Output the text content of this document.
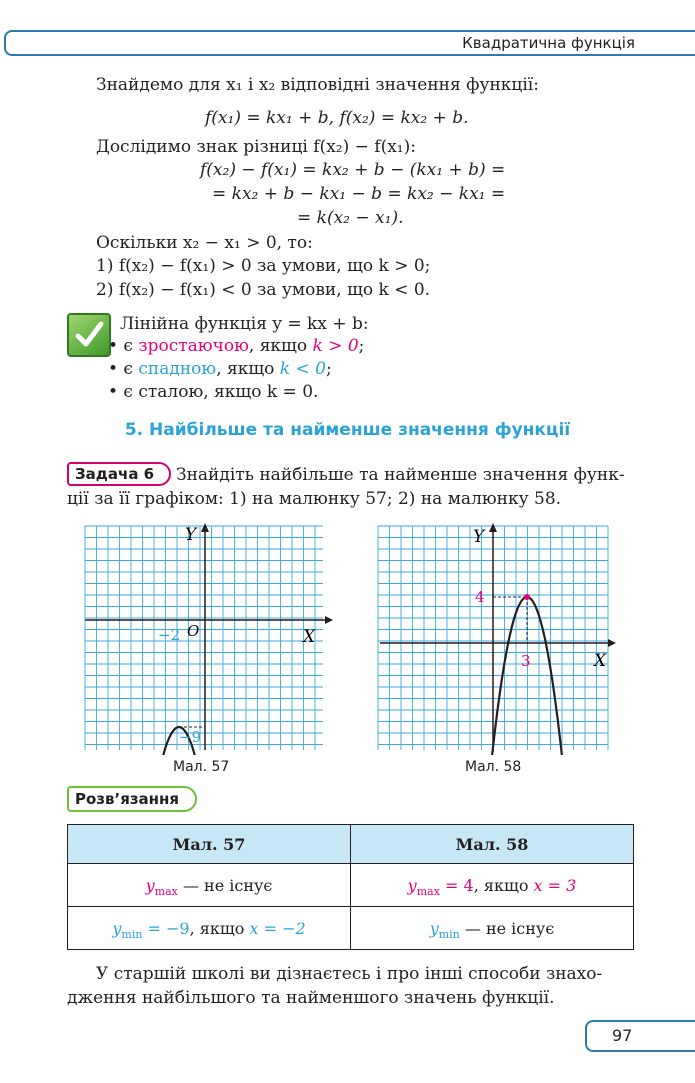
Квадратична функція
Знайдемо для x₁ і x₂ відповідні значення функції:
f(x₁) = kx₁ + b, f(x₂) = kx₂ + b.
Дослідимо знак різниці f(x₂) − f(x₁):
f(x₂) − f(x₁) = kx₂ + b − (kx₁ + b) =
= kx₂ + b − kx₁ − b = kx₂ − kx₁ =
= k(x₂ − x₁).
Оскільки x₂ − x₁ > 0, то:
1) f(x₂) − f(x₁) > 0 за умови, що k > 0;
2) f(x₂) − f(x₁) < 0 за умови, що k < 0.
Лінійна функція y = kx + b:
• є зростаючою, якщо k > 0;
• є спадною, якщо k < 0;
• є сталою, якщо k = 0.
5. Найбільше та найменше значення функції
Задача 6	Знайдіть найбільше та найменше значення функ-
ції за її графіком: 1) на малюнку 57; 2) на малюнку 58.
Y
X
O
−2
−9
Мал. 57
Y
X
3
4
Мал. 58
Розв’язання
Мал. 57	Мал. 58
$y_{max}$ — не існує	$y_{max} = 4$, якщо x = 3
$y_{min} = -9$, якщо x = −2	$y_{min}$ — не існує
У старшій школі ви дізнаєтесь і про інші способи знахо-
дження найбільшого та найменшого значень функції.
97
